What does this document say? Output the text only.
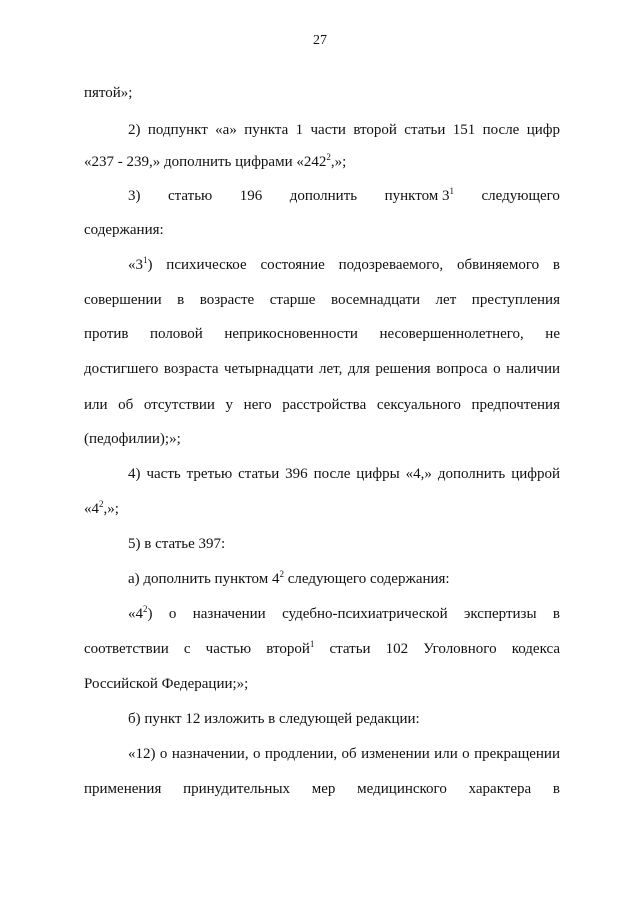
27
пятой»;
2) подпункт «а» пункта 1 части второй статьи 151 после цифр
«237 - 239,» дополнить цифрами «$242^2$,»;
3) статью 196 дополнить пунктом $3^1$ следующего
содержания:
«$3^1$) психическое состояние подозреваемого, обвиняемого в
совершении в возрасте старше восемнадцати лет преступления
против половой неприкосновенности несовершеннолетнего, не
достигшего возраста четырнадцати лет, для решения вопроса о наличии
или об отсутствии у него расстройства сексуального предпочтения
(педофилии);»;
4) часть третью статьи 396 после цифры «4,» дополнить цифрой
«$4^2$,»;
5) в статье 397:
а) дополнить пунктом $4^2$ следующего содержания:
«$4^2$) о назначении судебно-психиатрической экспертизы в
соответствии с частью второй$^1$ статьи 102 Уголовного кодекса
Российской Федерации;»;
б) пункт 12 изложить в следующей редакции:
«12) о назначении, о продлении, об изменении или о прекращении
применения принудительных мер медицинского характера в
